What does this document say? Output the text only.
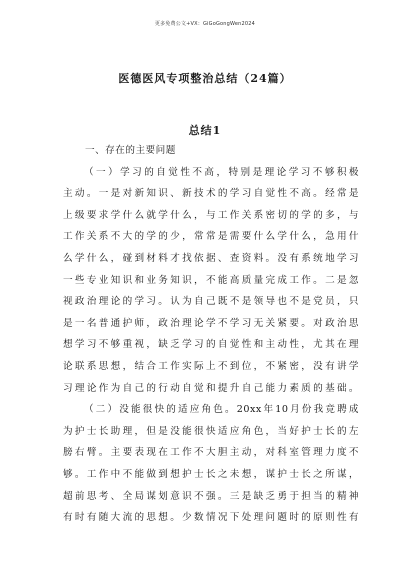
更多免费公文+VX：GiGoGongWen2024
医德医风专项整治总结（24篇）
总结1
一、存在的主要问题
（一）学习的自觉性不高，特别是理论学习不够积极
主动。一是对新知识、新技术的学习自觉性不高。经常是
上级要求学什么就学什么，与工作关系密切的学的多，与
工作关系不大的学的少，常常是需要什么学什么，急用什
么学什么，碰到材料才找依据、查资料。没有系统地学习
一些专业知识和业务知识，不能高质量完成工作。二是忽
视政治理论的学习。认为自己既不是领导也不是党员，只
是一名普通护师，政治理论学不学习无关紧要。对政治思
想学习不够重视，缺乏学习的自觉性和主动性，尤其在理
论联系思想，结合工作实际上不到位，不紧密，没有讲学
习理论作为自己的行动自觉和提升自己能力素质的基础。
（二）没能很快的适应角色。20xx年10月份我竞聘成
为护士长助理，但是没能很快适应角色，当好护士长的左
膀右臂。主要表现在工作不大胆主动，对科室管理力度不
够。工作中不能做到想护士长之未想，谋护士长之所谋，
超前思考、全局谋划意识不强。三是缺乏勇于担当的精神
有时有随大流的思想。少数情况下处理问题时的原则性有
